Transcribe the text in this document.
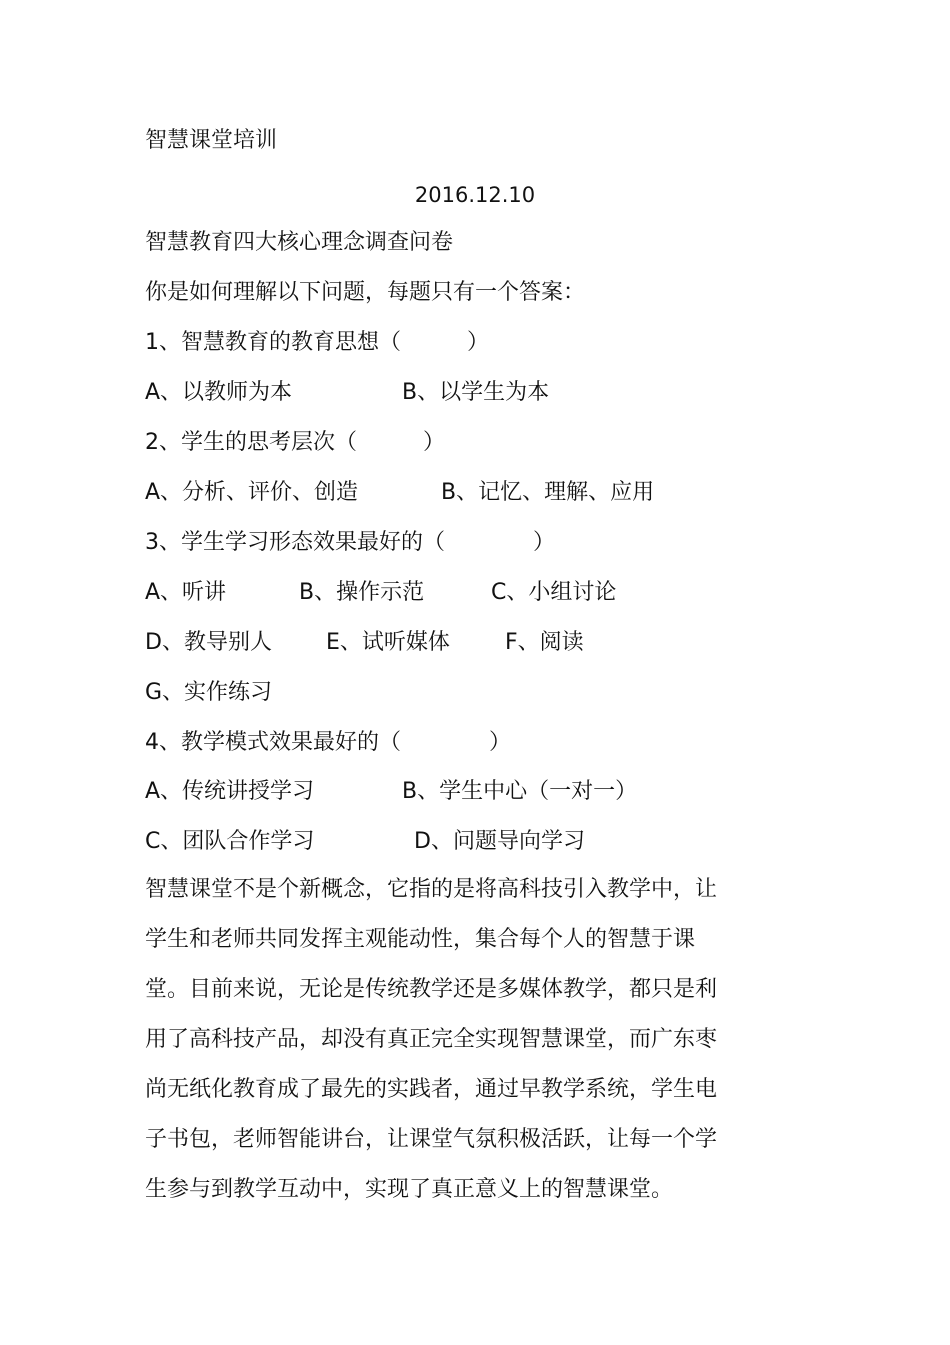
智慧课堂培训
2016.12.10
智慧教育四大核心理念调查问卷
你是如何理解以下问题，每题只有一个答案：
1、智慧教育的教育思想（　　　）
A、以教师为本	B、以学生为本
2、学生的思考层次（　　　）
A、分析、评价、创造	B、记忆、理解、应用
3、学生学习形态效果最好的（　　　　）
A、听讲	B、操作示范	C、小组讨论
D、教导别人 E、试听媒体	F、阅读
G、实作练习
4、教学模式效果最好的（　　　　）
A、传统讲授学习	B、学生中心（一对一）
C、团队合作学习	D、问题导向学习
智慧课堂不是个新概念，它指的是将高科技引入教学中，让
学生和老师共同发挥主观能动性，集合每个人的智慧于课
堂。目前来说，无论是传统教学还是多媒体教学，都只是利
用了高科技产品，却没有真正完全实现智慧课堂，而广东枣
尚无纸化教育成了最先的实践者，通过早教学系统，学生电
子书包，老师智能讲台，让课堂气氛积极活跃，让每一个学
生参与到教学互动中，实现了真正意义上的智慧课堂。
